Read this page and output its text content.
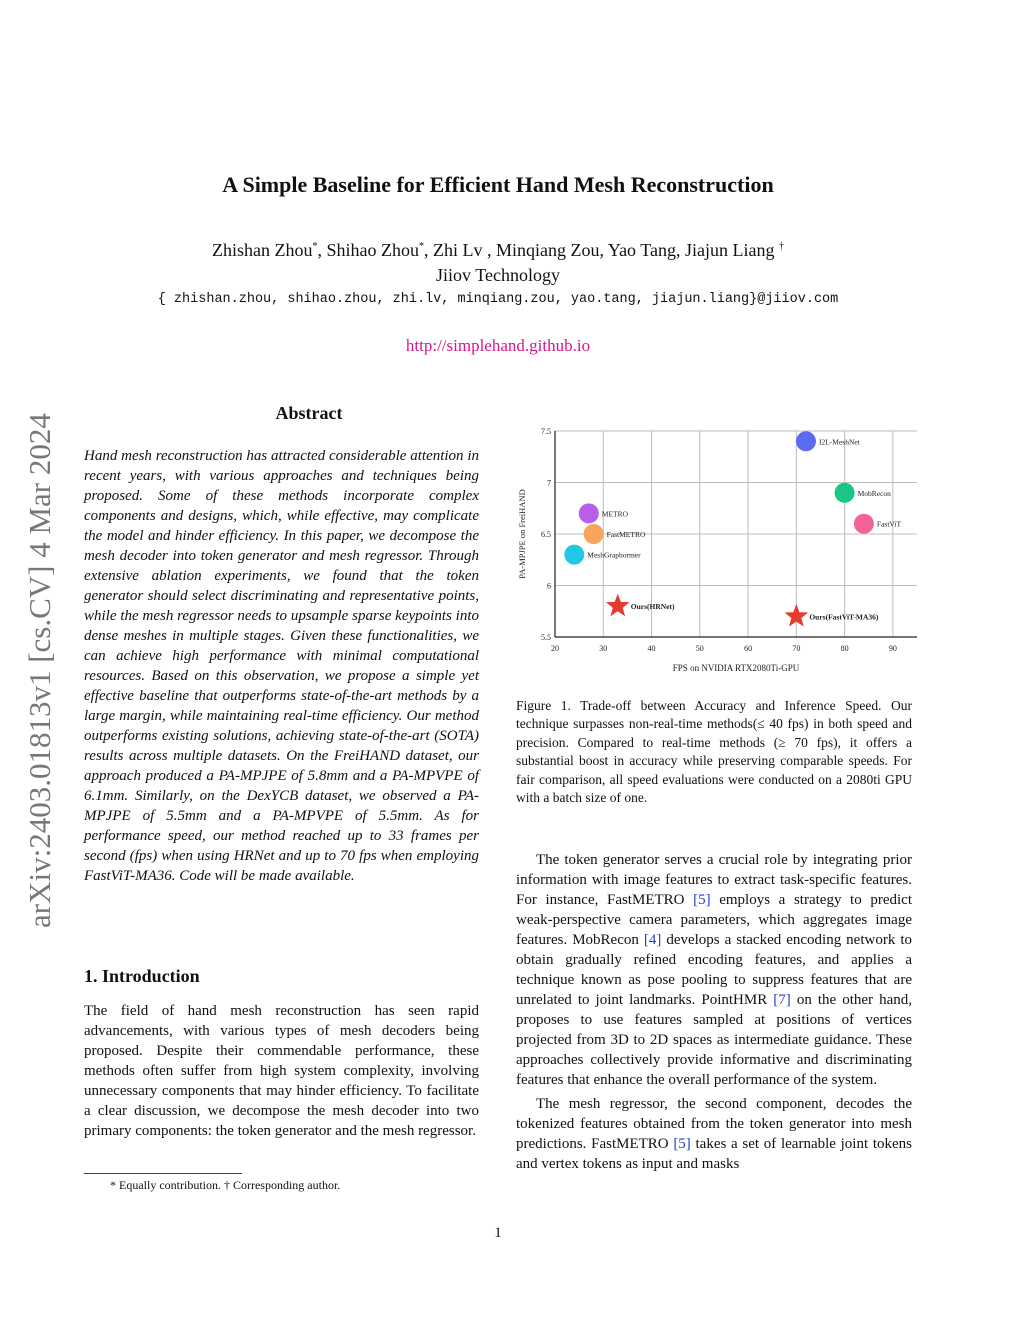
A Simple Baseline for Efficient Hand Mesh Reconstruction
Zhishan Zhou*, Shihao Zhou*, Zhi Lv , Minqiang Zou, Yao Tang, Jiajun Liang †
Jiiov Technology
{ zhishan.zhou, shihao.zhou, zhi.lv, minqiang.zou, yao.tang, jiajun.liang}@jiiov.com
http://simplehand.github.io
arXiv:2403.01813v1 [cs.CV] 4 Mar 2024
Abstract

Hand mesh reconstruction has attracted considerable attention in recent years, with various approaches and techniques being proposed. Some of these methods incorporate complex components and designs, which, while effective, may complicate the model and hinder efficiency. In this paper, we decompose the mesh decoder into token generator and mesh regressor. Through extensive ablation experiments, we found that the token generator should select discriminating and representative points, while the mesh regressor needs to upsample sparse keypoints into dense meshes in multiple stages. Given these functionalities, we can achieve high performance with minimal computational resources. Based on this observation, we propose a simple yet effective baseline that outperforms state-of-the-art methods by a large margin, while maintaining real-time efficiency. Our method outperforms existing solutions, achieving state-of-the-art (SOTA) results across multiple datasets. On the FreiHAND dataset, our approach produced a PA-MPJPE of 5.8mm and a PA-MPVPE of 6.1mm. Similarly, on the DexYCB dataset, we observed a PA-MPJPE of 5.5mm and a PA-MPVPE of 5.5mm. As for performance speed, our method reached up to 33 frames per second (fps) when using HRNet and up to 70 fps when employing FastViT-MA36. Code will be made available.

1. Introduction

The field of hand mesh reconstruction has seen rapid advancements, with various types of mesh decoders being proposed. Despite their commendable performance, these methods often suffer from high system complexity, involving unnecessary components that may hinder efficiency. To facilitate a clear discussion, we decompose the mesh decoder into two primary components: the token generator and the mesh regressor.

* Equally contribution. † Corresponding author.
20	30	40	50	60	70	80	90
5.5
6
6.5
7
7.5
FPS on NVIDIA RTX2080Ti-GPU
PA-MPJPE on FreiHAND
I2L-MeshNet
MobRecon
FastViT
METRO
FastMETRO
MeshGraphormer
Ours(HRNet)
Ours(FastViT-MA36)

Figure 1. Trade-off between Accuracy and Inference Speed. Our technique surpasses non-real-time methods(≤ 40 fps) in both speed and precision. Compared to real-time methods (≥ 70 fps), it offers a substantial boost in accuracy while preserving comparable speeds. For fair comparison, all speed evaluations were conducted on a 2080ti GPU with a batch size of one.

The token generator serves a crucial role by integrating prior information with image features to extract task-specific features. For instance, FastMETRO [5] employs a strategy to predict weak-perspective camera parameters, which aggregates image features. MobRecon [4] develops a stacked encoding network to obtain gradually refined encoding features, and applies a technique known as pose pooling to suppress features that are unrelated to joint landmarks. PointHMR [7] on the other hand, proposes to use features sampled at positions of vertices projected from 3D to 2D spaces as intermediate guidance. These approaches collectively provide informative and discriminating features that enhance the overall performance of the system.

The mesh regressor, the second component, decodes the tokenized features obtained from the token generator into mesh predictions. FastMETRO [5] takes a set of learnable joint tokens and vertex tokens as input and masks

1
